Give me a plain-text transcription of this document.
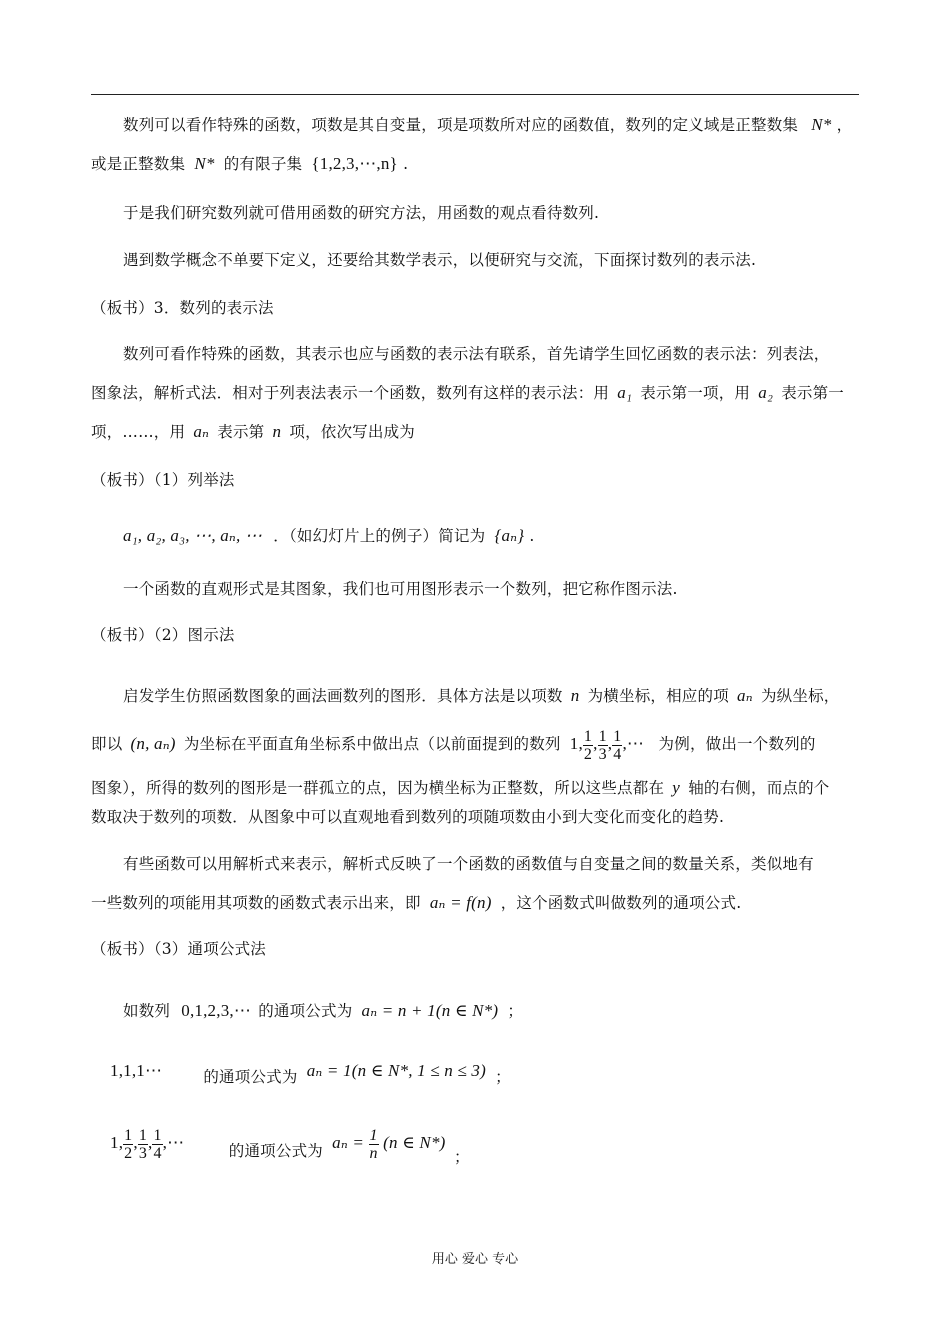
数列可以看作特殊的函数，项数是其自变量，项是项数所对应的函数值，数列的定义域是正整数集 N* ，
或是正整数集 N* 的有限子集 {1,2,3,⋯,n} .
于是我们研究数列就可借用函数的研究方法，用函数的观点看待数列.
遇到数学概念不单要下定义，还要给其数学表示，以便研究与交流，下面探讨数列的表示法.
（板书）3．数列的表示法
数列可看作特殊的函数，其表示也应与函数的表示法有联系，首先请学生回忆函数的表示法：列表法，
图象法，解析式法．相对于列表法表示一个函数，数列有这样的表示法：用 a₁ 表示第一项，用 a₂ 表示第一
项，……，用 aₙ 表示第 n 项，依次写出成为
（板书）（1）列举法
a₁, a₂, a₃, ⋯, aₙ, ⋯ ．（如幻灯片上的例子）简记为 {aₙ} .
一个函数的直观形式是其图象，我们也可用图形表示一个数列，把它称作图示法.
（板书）（2）图示法
启发学生仿照函数图象的画法画数列的图形．具体方法是以项数 n 为横坐标，相应的项 aₙ 为纵坐标，
即以 (n, aₙ) 为坐标在平面直角坐标系中做出点（以前面提到的数列 1, $\frac{1}{2}$ , $\frac{1}{3}$ , $\frac{1}{4}$ ,⋯ 为例，做出一个数列的
图象），所得的数列的图形是一群孤立的点，因为横坐标为正整数，所以这些点都在 y 轴的右侧，而点的个
数取决于数列的项数．从图象中可以直观地看到数列的项随项数由小到大变化而变化的趋势.
有些函数可以用解析式来表示，解析式反映了一个函数的函数值与自变量之间的数量关系，类似地有
一些数列的项能用其项数的函数式表示出来，即 aₙ = f(n) ，这个函数式叫做数列的通项公式.
（板书）（3）通项公式法
如数列 0,1,2,3,⋯ 的通项公式为 aₙ = n + 1(n ∈ N*) ；
1,1,1⋯	的通项公式为 aₙ = 1(n ∈ N*, 1 ≤ n ≤ 3) ；
1, $\frac{1}{2}$ , $\frac{1}{3}$ , $\frac{1}{4}$ ,⋯	的通项公式为 $a_n = \frac{1}{n} (n$ ∈ N*) ；
用心 爱心 专心
